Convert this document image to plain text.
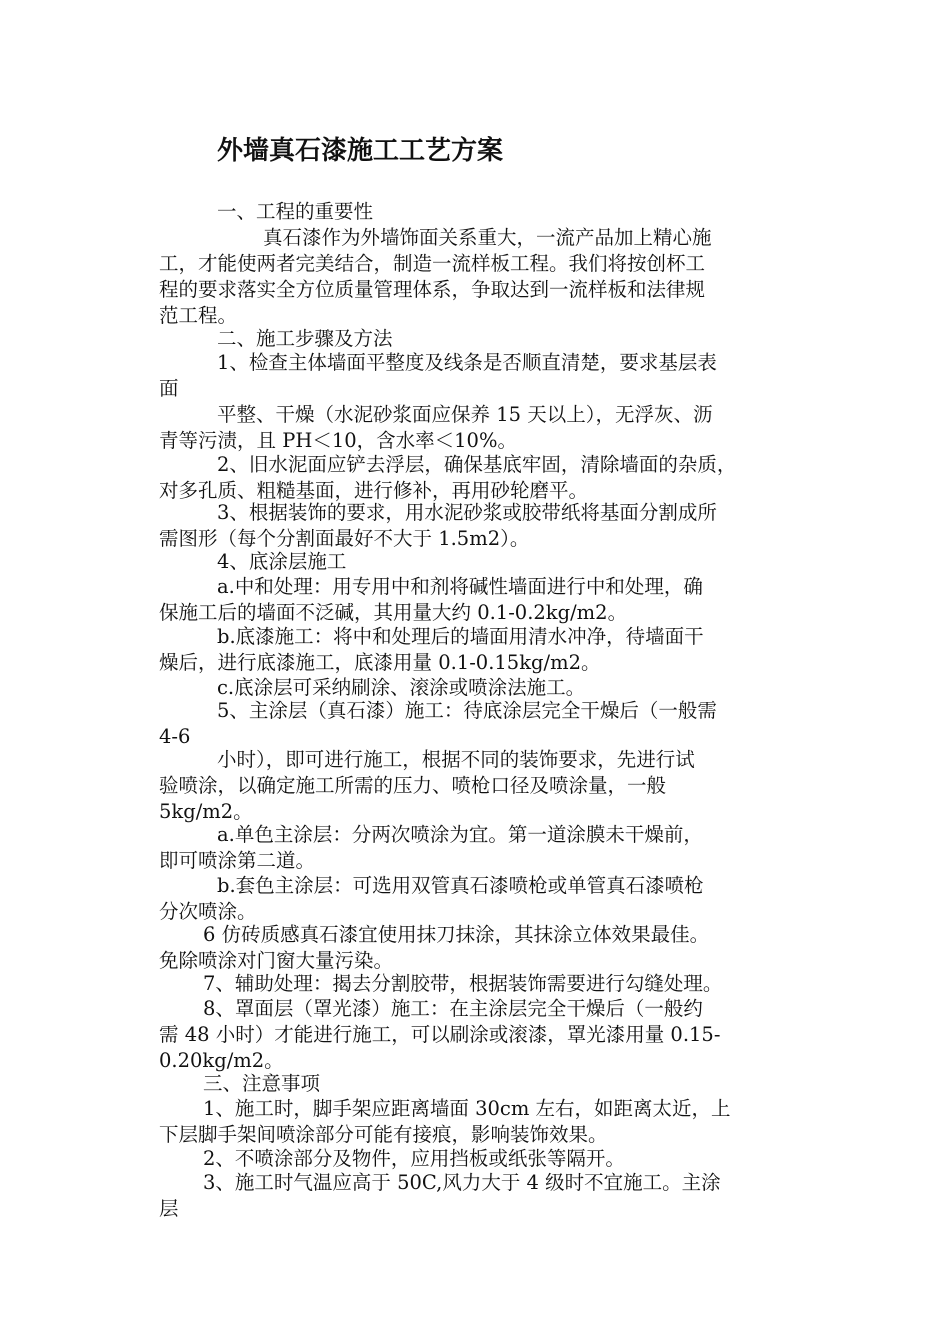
外墙真石漆施工工艺方案
一、工程的重要性
真石漆作为外墙饰面关系重大，一流产品加上精心施
工，才能使两者完美结合，制造一流样板工程。我们将按创杯工
程的要求落实全方位质量管理体系，争取达到一流样板和法律规
范工程。
二、施工步骤及方法
1、检查主体墙面平整度及线条是否顺直清楚，要求基层表
面
平整、干燥（水泥砂浆面应保养 15 天以上），无浮灰、沥
青等污渍，且 PH＜10，含水率＜10%。
2、旧水泥面应铲去浮层，确保基底牢固，清除墙面的杂质，
对多孔质、粗糙基面，进行修补，再用砂轮磨平。
3、根据装饰的要求，用水泥砂浆或胶带纸将基面分割成所
需图形（每个分割面最好不大于 1.5m2）。
4、底涂层施工
a.中和处理：用专用中和剂将碱性墙面进行中和处理，确
保施工后的墙面不泛碱，其用量大约 0.1-0.2kg/m2。
b.底漆施工：将中和处理后的墙面用清水冲净，待墙面干
燥后，进行底漆施工，底漆用量 0.1-0.15kg/m2。
c.底涂层可采纳刷涂、滚涂或喷涂法施工。
5、主涂层（真石漆）施工：待底涂层完全干燥后（一般需
4-6
小时），即可进行施工，根据不同的装饰要求，先进行试
验喷涂，以确定施工所需的压力、喷枪口径及喷涂量，一般
5kg/m2。
a.单色主涂层：分两次喷涂为宜。第一道涂膜未干燥前，
即可喷涂第二道。
b.套色主涂层：可选用双管真石漆喷枪或单管真石漆喷枪
分次喷涂。
6 仿砖质感真石漆宜使用抹刀抹涂，其抹涂立体效果最佳。
免除喷涂对门窗大量污染。
7、辅助处理：揭去分割胶带，根据装饰需要进行勾缝处理。
8、罩面层（罩光漆）施工：在主涂层完全干燥后（一般约
需 48 小时）才能进行施工，可以刷涂或滚漆，罩光漆用量 0.15-
0.20kg/m2。
三、注意事项
1、施工时，脚手架应距离墙面 30cm 左右，如距离太近，上
下层脚手架间喷涂部分可能有接痕，影响装饰效果。
2、不喷涂部分及物件，应用挡板或纸张等隔开。
3、施工时气温应高于 50C,风力大于 4 级时不宜施工。主涂
层
